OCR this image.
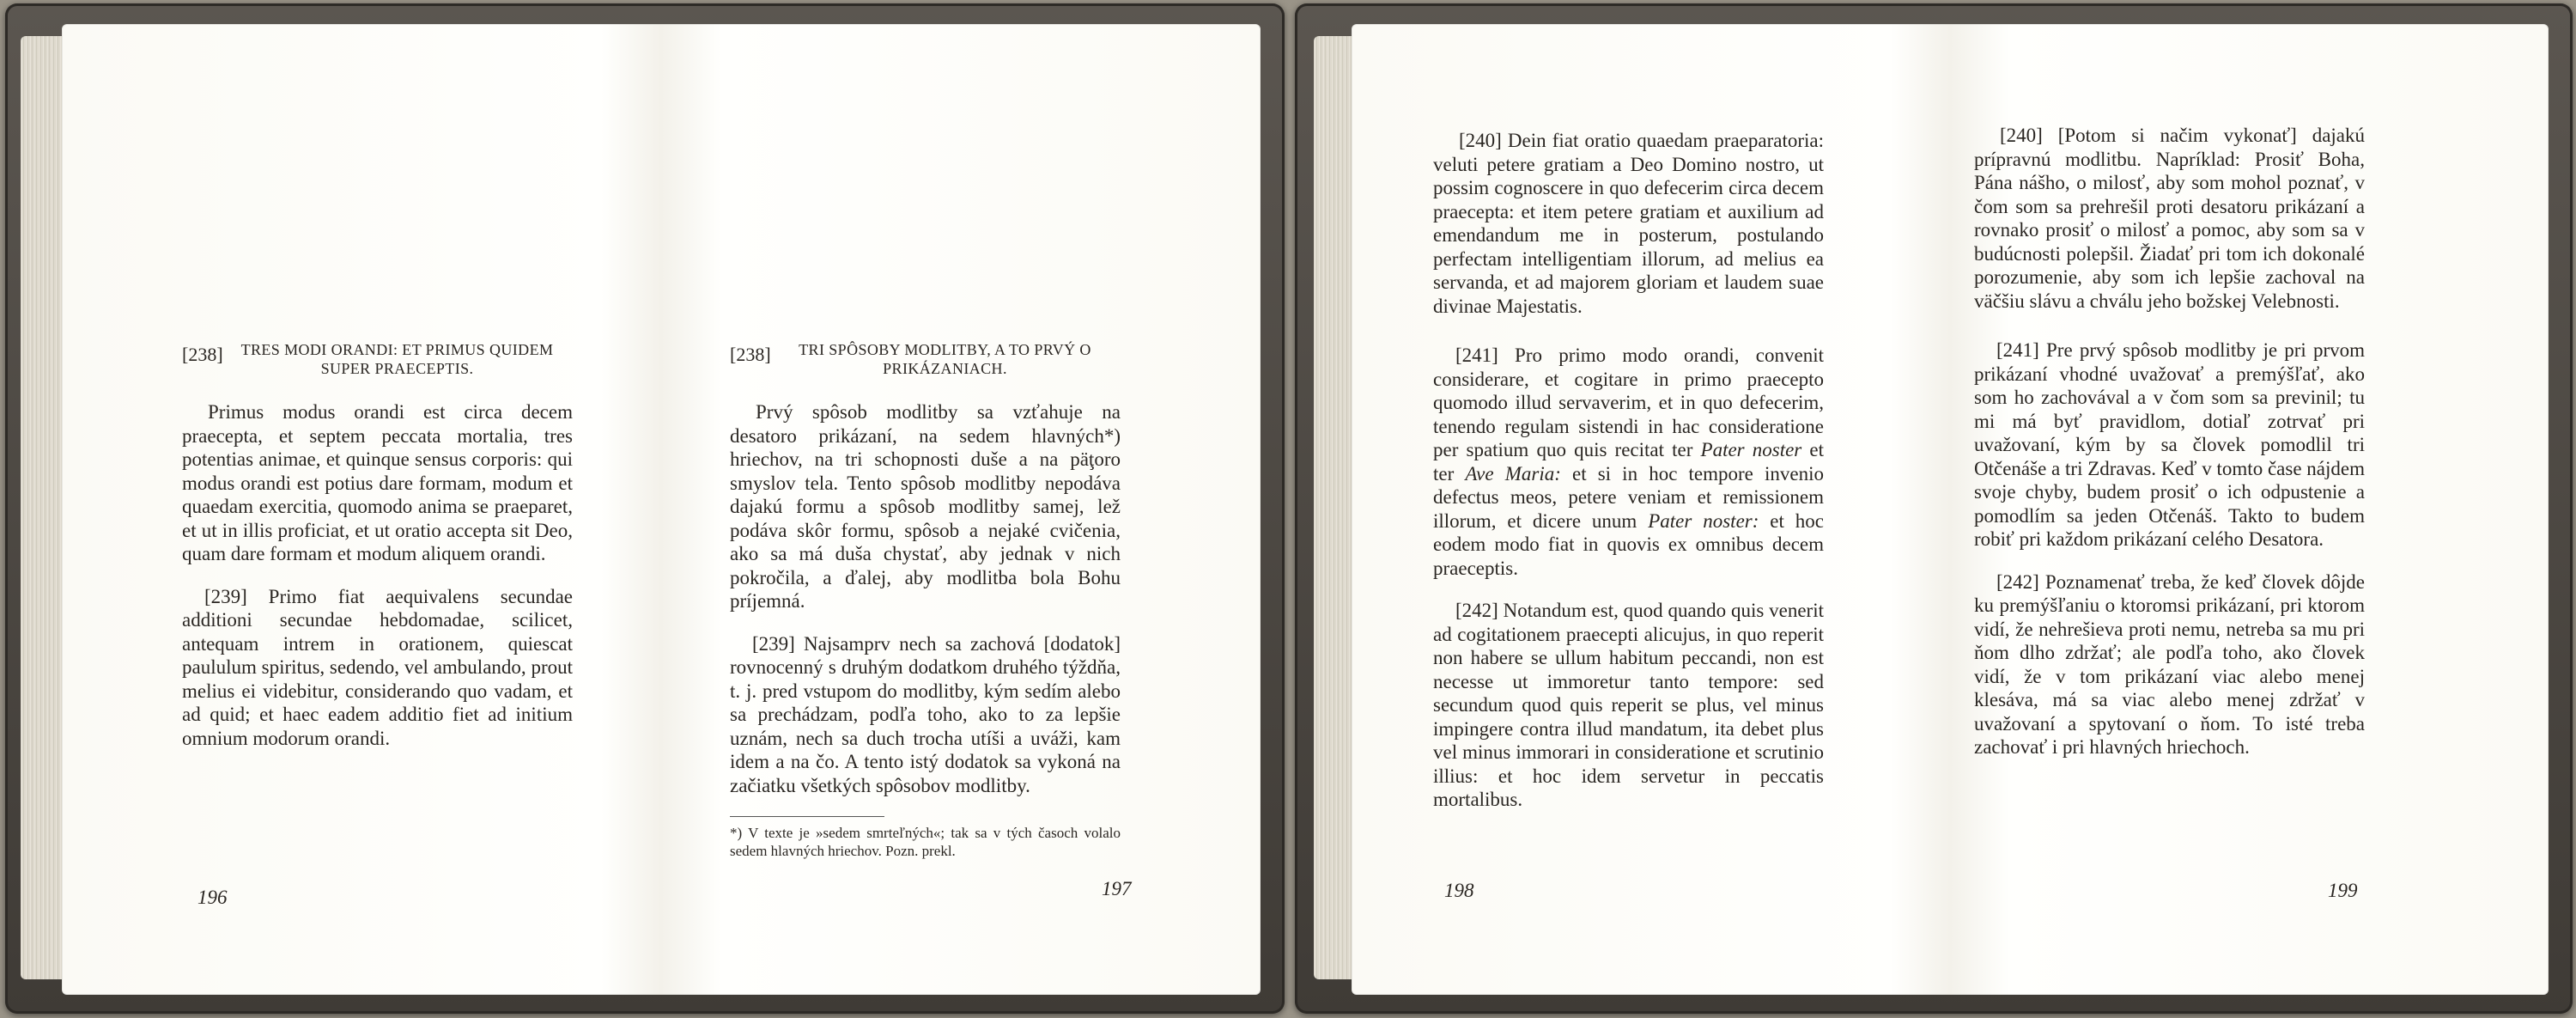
[238]	TRES MODI ORANDI: ET PRIMUS QUIDEM SUPER PRAECEPTIS.

Primus modus orandi est circa decem praecepta, et septem peccata mortalia, tres potentias animae, et quinque sensus corporis: qui modus orandi est potius dare formam, modum et quaedam exercitia, quomodo anima se praeparet, et ut in illis proficiat, et ut oratio accepta sit Deo, quam dare formam et modum aliquem orandi.

[239] Primo fiat aequivalens secundae additioni secundae hebdomadae, scilicet, antequam intrem in orationem, quiescat paululum spiritus, sedendo, vel ambulando, prout melius ei videbitur, considerando quo vadam, et ad quid; et haec eadem additio fiet ad initium omnium modorum orandi.

196
[238]	TRI SPÔSOBY MODLITBY, A TO PRVÝ O PRIKÁZANIACH.

Prvý spôsob modlitby sa vzťahuje na desatoro prikázaní, na sedem hlavných*) hriechov, na tri schopnosti duše a na päţoro smyslov tela. Tento spôsob modlitby nepodáva dajakú formu a spôsob modlitby samej, lež podáva skôr formu, spôsob a nejaké cvičenia, ako sa má duša chystať, aby jednak v nich pokročila, a ďalej, aby modlitba bola Bohu príjemná.

[239] Najsamprv nech sa zachová [dodatok] rovnocenný s druhým dodatkom druhého týždňa, t. j. pred vstupom do modlitby, kým sedím alebo sa prechádzam, podľa toho, ako to za lepšie uznám, nech sa duch trocha utíši a uváži, kam idem a na čo. A tento istý dodatok sa vykoná na začiatku všetkých spôsobov modlitby.

*) V texte je »sedem smrteľných«; tak sa v tých časoch volalo sedem hlavných hriechov. Pozn. prekl.
197

[240] Dein fiat oratio quaedam praeparatoria: veluti petere gratiam a Deo Domino nostro, ut possim cognoscere in quo defecerim circa decem praecepta: et item petere gratiam et auxilium ad emendandum me in posterum, postulando perfectam intelligentiam illorum, ad melius ea servanda, et ad majorem gloriam et laudem suae divinae Majestatis.

[241] Pro primo modo orandi, convenit considerare, et cogitare in primo praecepto quomodo illud servaverim, et in quo defecerim, tenendo regulam sistendi in hac consideratione per spatium quo quis recitat ter Pater noster et ter Ave Maria: et si in hoc tempore invenio defectus meos, petere veniam et remissionem illorum, et dicere unum Pater noster: et hoc eodem modo fiat in quovis ex omnibus decem praeceptis.

[242] Notandum est, quod quando quis venerit ad cogitationem praecepti alicujus, in quo reperit non habere se ullum habitum peccandi, non est necesse ut immoretur tanto tempore: sed secundum quod quis reperit se plus, vel minus impingere contra illud mandatum, ita debet plus vel minus immorari in consideratione et scrutinio illius: et hoc idem servetur in peccatis mortalibus.

198

[240] [Potom si načim vykonať] dajakú prípravnú modlitbu. Napríklad: Prosiť Boha, Pána nášho, o milosť, aby som mohol poznať, v čom som sa prehrešil proti desatoru prikázaní a rovnako prosiť o milosť a pomoc, aby som sa v budúcnosti polepšil. Žiadať pri tom ich dokonalé porozumenie, aby som ich lepšie zachoval na väčšiu slávu a chválu jeho božskej Velebnosti.

[241] Pre prvý spôsob modlitby je pri prvom prikázaní vhodné uvažovať a premýšľať, ako som ho zachovával a v čom som sa previnil; tu mi má byť pravidlom, dotiaľ zotrvať pri uvažovaní, kým by sa človek pomodlil tri Otčenáše a tri Zdravas. Keď v tomto čase nájdem svoje chyby, budem prosiť o ich odpustenie a pomodlím sa jeden Otčenáš. Takto to budem robiť pri každom prikázaní celého Desatora.

[242] Poznamenať treba, že keď človek dôjde ku premýšľaniu o ktoromsi prikázaní, pri ktorom vidí, že nehrešieva proti nemu, netreba sa mu pri ňom dlho zdržať; ale podľa toho, ako človek vidí, že v tom prikázaní viac alebo menej klesáva, má sa viac alebo menej zdržať v uvažovaní a spytovaní o ňom. To isté treba zachovať i pri hlavných hriechoch.

199
